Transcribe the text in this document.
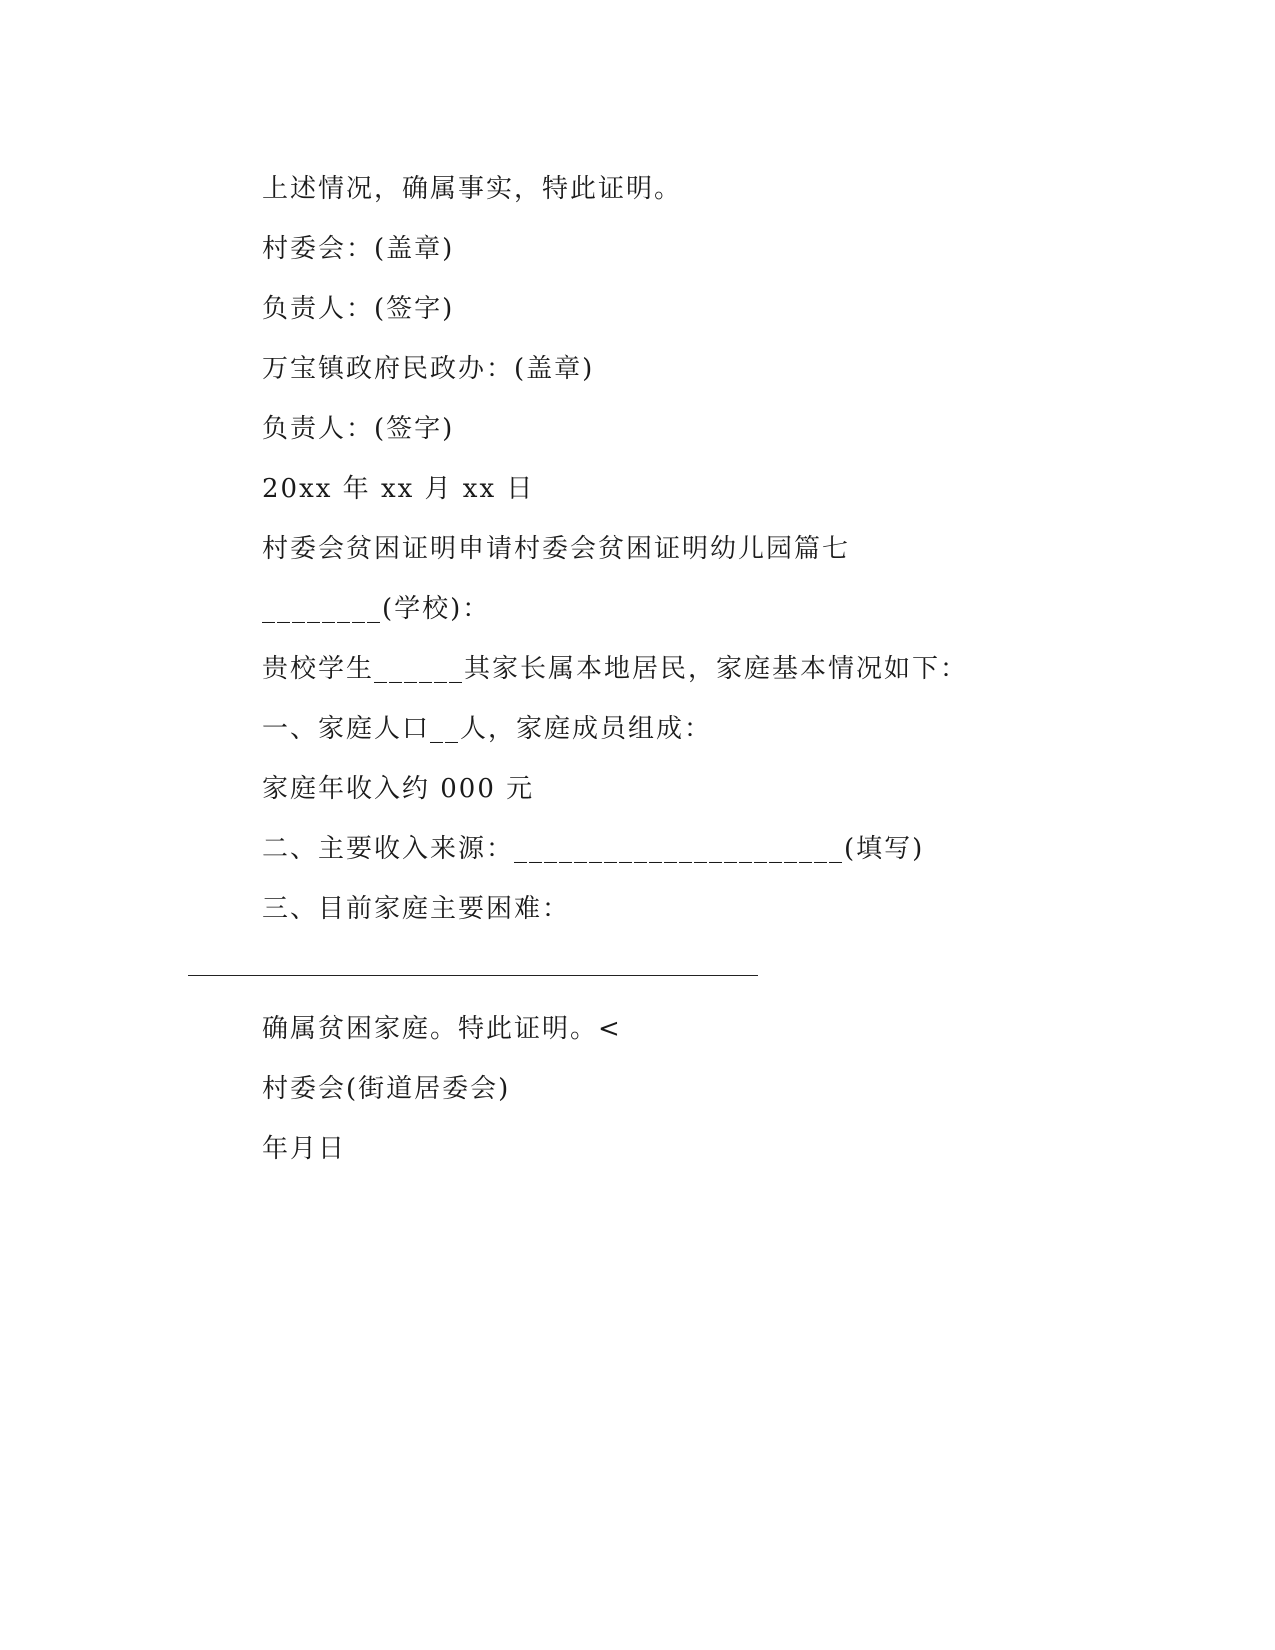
上述情况，确属事实，特此证明。
村委会：(盖章)
负责人：(签字)
万宝镇政府民政办：(盖章)
负责人：(签字)
20xx 年 xx 月 xx 日
村委会贫困证明申请村委会贫困证明幼儿园篇七
________(学校)：
贵校学生______其家长属本地居民，家庭基本情况如下：
一、家庭人口__人，家庭成员组成：
家庭年收入约 000 元
二、主要收入来源：______________________(填写)
三、目前家庭主要困难：
确属贫困家庭。特此证明。<
村委会(街道居委会)
年月日
